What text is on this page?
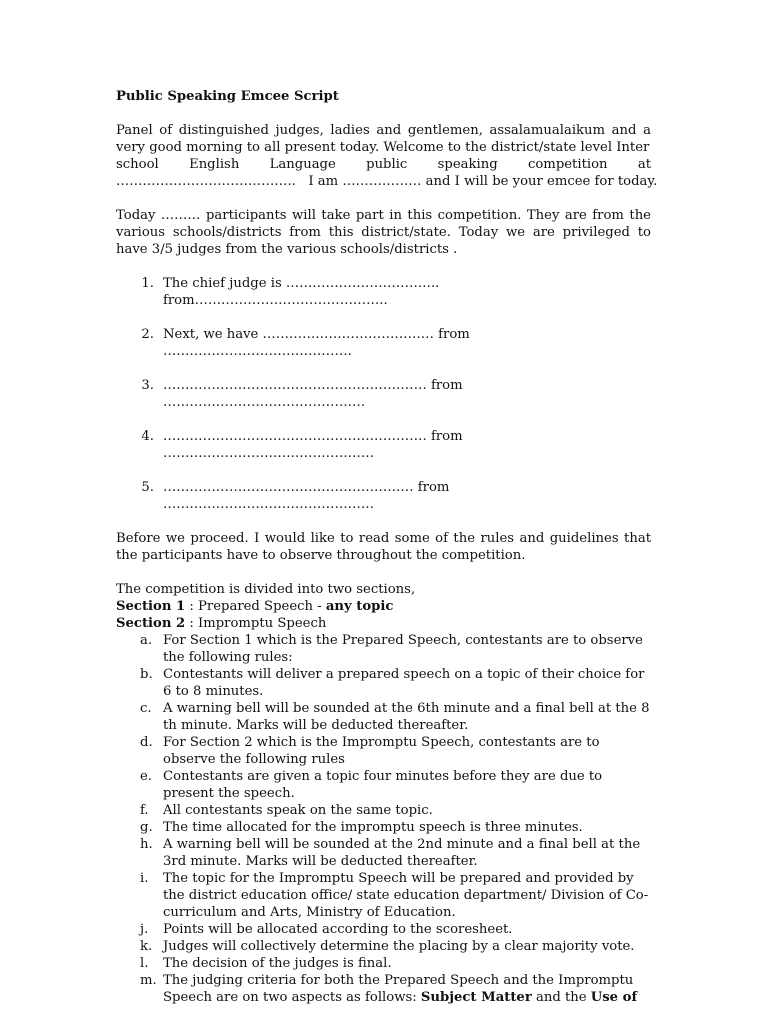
Public Speaking Emcee Script

Panel of distinguished judges, ladies and gentlemen, assalamualaikum and a very good morning to all present today. Welcome to the district/state level Inter

school English Language public speaking competition at

…………………………………..   I am ……………… and I will be your emcee for today.

Today ……… participants will take part in this competition. They are from the various schools/districts from this district/state. Today we are privileged to have 3/5 judges from the various schools/districts .

1. The chief judge is …………………………….. from……………………………………..
2. Next, we have ………………………………… from …………………………………….
3. …………………………………………………… from ……………………………………….
4. …………………………………………………… from …………………………………………
5. ………………………………………………… from …………………………………………

Before we proceed. I would like to read some of the rules and guidelines that the participants have to observe throughout the competition.

The competition is divided into two sections,

Section 1 : Prepared Speech - any topic

Section 2 : Impromptu Speech

a. For Section 1 which is the Prepared Speech, contestants are to observe the following rules:
b. Contestants will deliver a prepared speech on a topic of their choice for 6 to 8 minutes.
c. A warning bell will be sounded at the 6th minute and a final bell at the 8 th minute. Marks will be deducted thereafter.
d. For Section 2 which is the Impromptu Speech, contestants are to observe the following rules
e. Contestants are given a topic four minutes before they are due to present the speech.
f.	All contestants speak on the same topic.
g. The time allocated for the impromptu speech is three minutes.
h. A warning bell will be sounded at the 2nd minute and a final bell at the 3rd minute. Marks will be deducted thereafter.
i.	The topic for the Impromptu Speech will be prepared and provided by the district education office/ state education department/ Division of Co-curriculum and Arts, Ministry of Education.
j.	Points will be allocated according to the scoresheet.
k. Judges will collectively determine the placing by a clear majority vote.
l.	The decision of the judges is final.
m. The judging criteria for both the Prepared Speech and the Impromptu Speech are on two aspects as follows: Subject Matter and the Use of
